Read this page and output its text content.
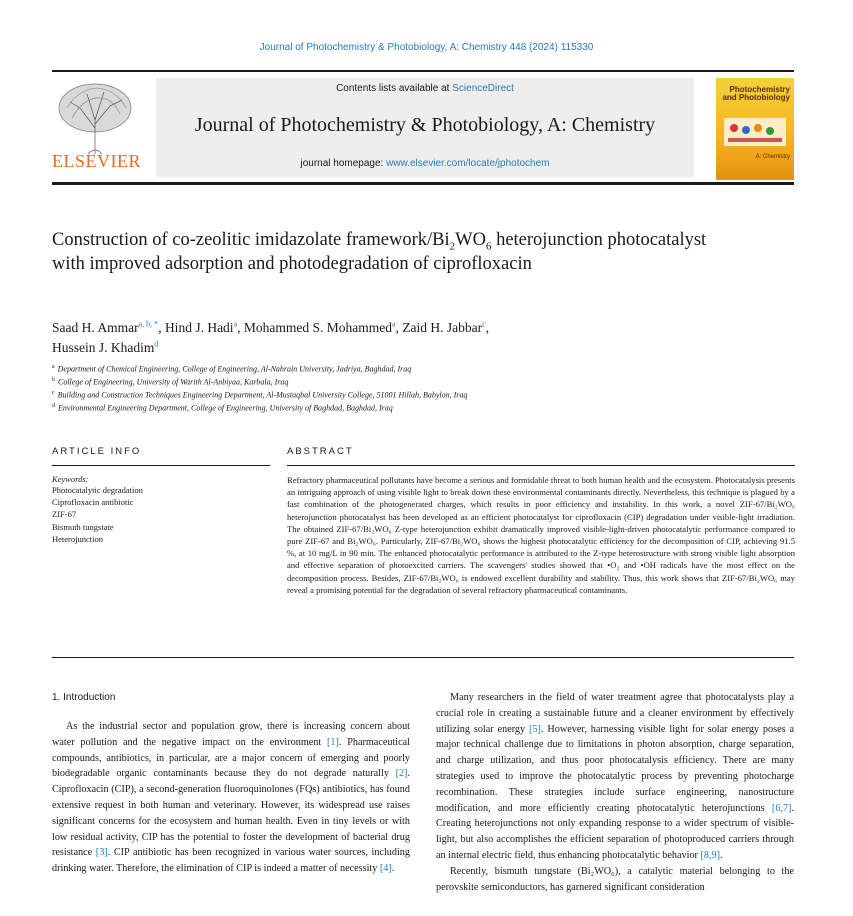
Journal of Photochemistry & Photobiology, A: Chemistry 448 (2024) 115330
ELSEVIER
Contents lists available at ScienceDirect
Journal of Photochemistry & Photobiology, A: Chemistry
journal homepage: www.elsevier.com/locate/jphotochem
Photochemistry and Photobiology
A: Chemistry
Construction of co-zeolitic imidazolate framework/$Bi_2WO_6$ heterojunction photocatalyst with improved adsorption and photodegradation of ciprofloxacin
Saad H. Ammar$^{a, b, *}$, Hind J. Hadi$^a$, Mohammed S. Mohammed$^a$, Zaid H. Jabbar$^c$,
Hussein J. Khadim$^d$
$^a$ Department of Chemical Engineering, College of Engineering, Al-Nahrain University, Jadriya, Baghdad, Iraq
$^b$ College of Engineering, University of Warith Al-Anbiyaa, Karbala, Iraq
$^c$ Building and Construction Techniques Engineering Department, Al-Mustaqbal University College, 51001 Hillah, Babylon, Iraq
$^d$ Environmental Engineering Department, College of Engineering, University of Baghdad, Baghdad, Iraq
ARTICLE INFO
Keywords:
Photocatalytic degradation
Ciprofloxacin antibiotic
ZIF-67
Bismuth tungstate
Heterojunction
ABSTRACT
Refractory pharmaceutical pollutants have become a serious and formidable threat to both human health and the ecosystem. Photocatalysis presents an intriguing approach of using visible light to break down these environmental contaminants directly. Nevertheless, this technique is plagued by a fast combination of the photogenerated charges, which results in poor efficiency and instability. In this work, a novel ZIF-67/Bi₂WO₆ heterojunction photocatalyst has been developed as an efficient photocatalyst for ciprofloxacin (CIP) degradation under visible-light irradiation. The obtained ZIF-67/Bi₂WO₆ Z-type heterojunction exhibit dramatically improved visible-light-driven photocatalytic performance compared to pure ZIF-67 and Bi₂WO₆. Particularly, ZIF-67/Bi₂WO₆ shows the highest photocatalytic efficiency for the decomposition of CIP, achieving 91.5 %, at 10 mg/L in 90 min. The enhanced photocatalytic performance is attributed to the Z-type heterostructure with strong visible light absorption and effective separation of photoexcited carriers. The scavengers' studies showed that •O₂ and •OH radicals have the most effect on the decomposition process. Besides, ZIF-67/Bi₂WO₆ is endowed excellent durability and stability. Thus, this work shows that ZIF-67/Bi₂WO₆ may reveal a promising potential for the degradation of several refractory pharmaceutical contaminants.
1. Introduction

As the industrial sector and population grow, there is increasing concern about water pollution and the negative impact on the environment [1]. Pharmaceutical compounds, antibiotics, in particular, are a major concern of emerging and poorly biodegradable organic contaminants because they do not degrade naturally [2]. Ciprofloxacin (CIP), a second-generation fluoroquinolones (FQs) antibiotics, has found extensive request in both human and veterinary. However, its widespread use raises significant concerns for the ecosystem and human health. Even in tiny levels or with low residual activity, CIP has the potential to foster the development of bacterial drug resistance [3]. CIP antibiotic has been recognized in various water sources, including drinking water. Therefore, the elimination of CIP is indeed a matter of necessity [4].

Many researchers in the field of water treatment agree that photocatalysts play a crucial role in creating a sustainable future and a cleaner environment by effectively utilizing solar energy [5]. However, harnessing visible light for solar energy poses a major technical challenge due to limitations in photon absorption, charge separation, and charge utilization, and thus poor photocatalysis efficiency. There are many strategies used to improve the photocatalytic process by preventing photocharge recombination. These strategies include surface engineering, nanostructure modification, and more efficiently creating photocatalytic heterojunctions [6,7]. Creating heterojunctions not only expanding response to a wider spectrum of visible-light, but also accomplishes the efficient separation of photoproduced carriers through an internal electric field, thus enhancing photocatalytic behavior [8,9].

Recently, bismuth tungstate (Bi₂WO₆), a catalytic material belonging to the perovskite semiconductors, has garnered significant consideration
